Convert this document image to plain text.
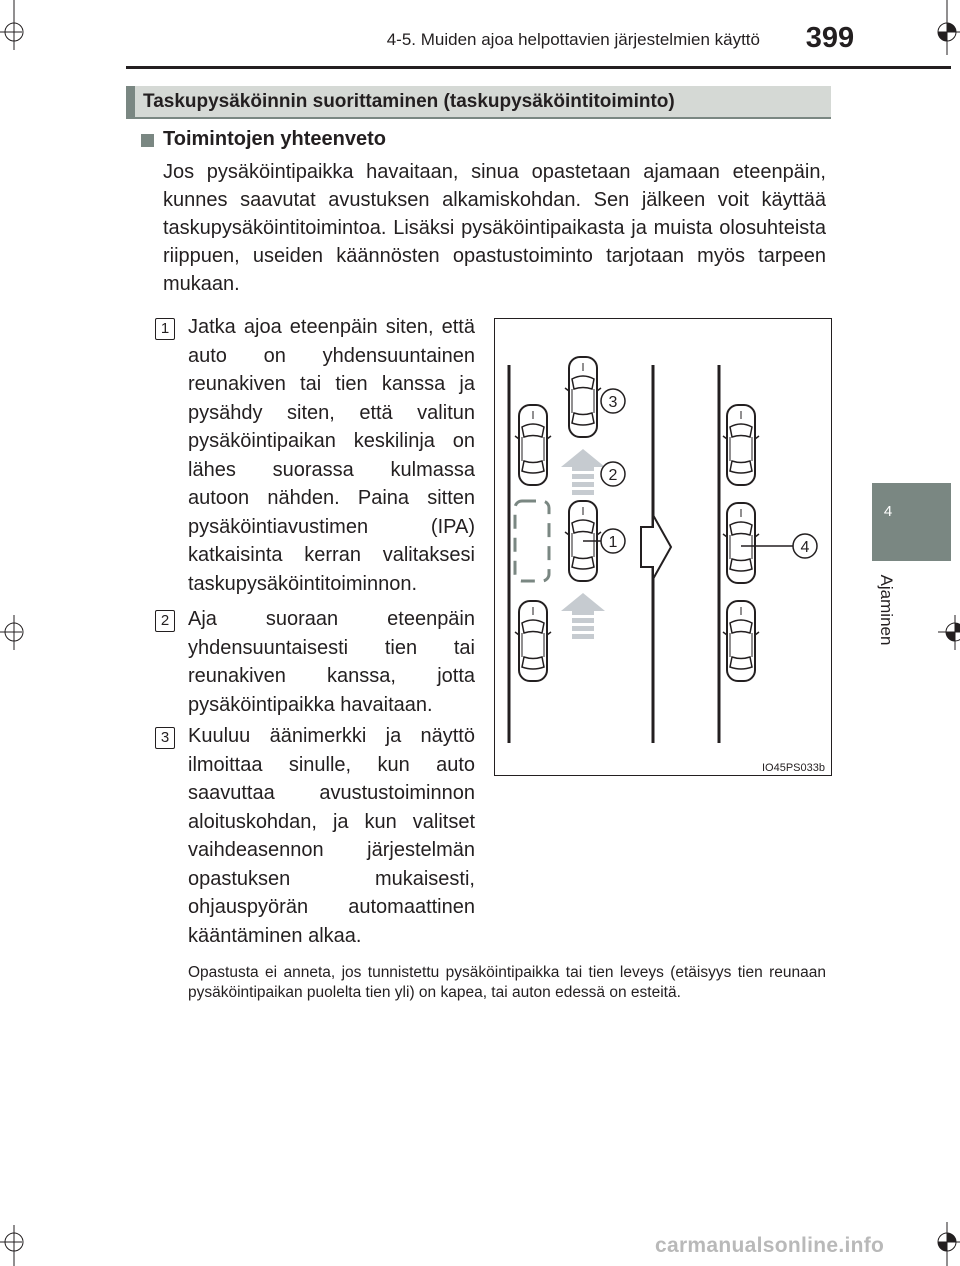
4-5. Muiden ajoa helpottavien järjestelmien käyttö	399
4
Ajaminen
Taskupysäköinnin suorittaminen (taskupysäköintitoiminto)
Toimintojen yhteenveto
Jos pysäköintipaikka havaitaan, sinua opastetaan ajamaan eteenpäin, kunnes saavutat avustuksen alkamiskohdan. Sen jälkeen voit käyttää taskupysäköintitoimintoa. Lisäksi pysäköintipaikasta ja muista olosuhteista riippuen, useiden käännösten opastustoiminto tarjotaan myös tarpeen mukaan.
1 Jatka ajoa eteenpäin siten, että auto on yhdensuuntainen reunakiven tai tien kanssa ja pysähdy siten, että valitun pysäköintipaikan keskilinja on lähes suorassa kulmassa autoon nähden. Paina sitten pysäköintiavustimen (IPA) katkaisinta kerran valitaksesi taskupysäköintitoiminnon.
2 Aja suoraan eteenpäin yhdensuuntaisesti tien tai reunakiven kanssa, jotta pysäköintipaikka havaitaan.
3 Kuuluu äänimerkki ja näyttö ilmoittaa sinulle, kun auto saavuttaa avustustoiminnon aloituskohdan, ja kun valitset vaihdeasennon järjestelmän opastuksen mukaisesti, ohjauspyörän automaattinen kääntäminen alkaa.
Opastusta ei anneta, jos tunnistettu pysäköintipaikka tai tien leveys (etäisyys tien reunaan pysäköintipaikan puolelta tien yli) on kapea, tai auton edessä on esteitä.
3
2
1	4
IO45PS033b
carmanualsonline.info
